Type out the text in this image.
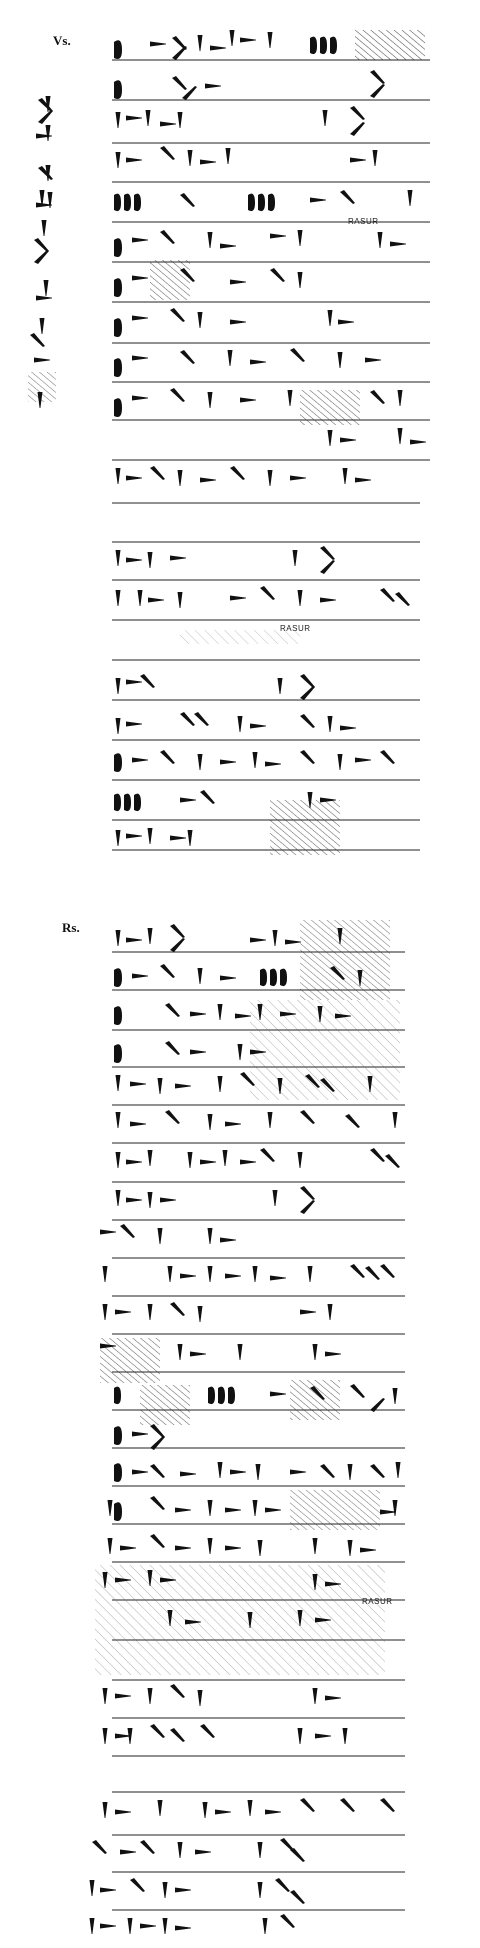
Vs.
Rs.
RASUR
RASUR
RASUR
